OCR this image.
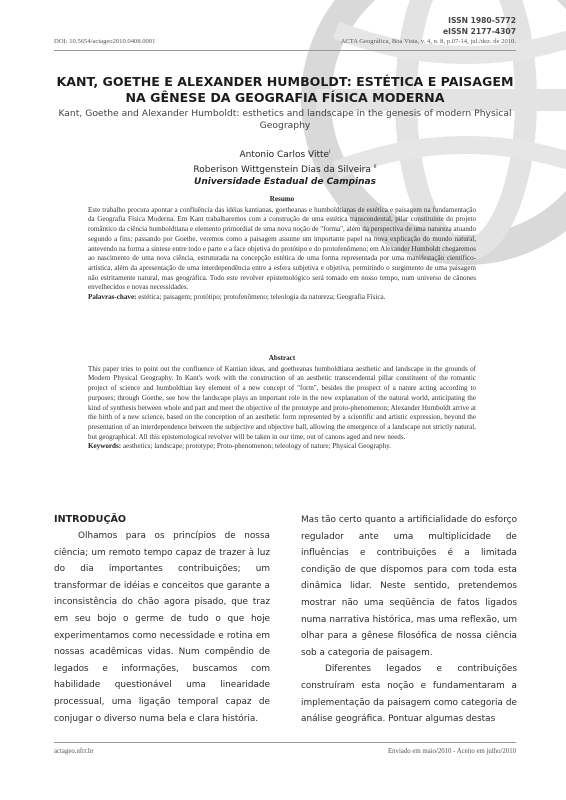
ISSN 1980-5772
eISSN 2177-4307
DOI: 10.5654/actageo2010.0408.0001	ACTA Geográfica, Boa Vista, v. 4, n. 8, p.07-14, jul./dez. de 2010.
KANT, GOETHE E ALEXANDER HUMBOLDT: ESTÉTICA E PAISAGEM NA GÊNESE DA GEOGRAFIA FÍSICA MODERNA
Kant, Goethe and Alexander Humboldt: esthetics and landscape in the genesis of modern Physical Geography
Antonio Carlos Vitte$^i$
Roberison Wittgenstein Dias da Silveira $^{ii}$
Universidade Estadual de Campinas
Resumo
Este trabalho procura apontar a confluência das idéias kantianas, goetheanas e humboldtianas de estética e paisagem na fundamentação da Geografia Física Moderna. Em Kant trabalharemos com a construção de uma estética transcendental, pilar constituinte do projeto romântico da ciência humboldtiana e elemento primordial de uma nova noção de "forma", além da perspectiva de uma natureza atuando segundo a fins; passando por Goethe, veremos como a paisagem assume um importante papel na nova explicação do mundo natural, antevendo na forma a síntese entre todo e parte e a face objetiva do protótipo e do protofenômeno; em Alexander Humboldt chegaremos ao nascimento de uma nova ciência, estruturada na concepção estética de uma forma representada por uma manifestação científico-artística, além da apresentação de uma interdependência entre a esfera subjetiva e objetiva, permitindo o surgimento de uma paisagem não estritamente natural, mas geográfica. Todo este revolver epistemológico será tomado em nosso tempo, num universo de cânones envelhecidos e novas necessidades.
Palavras-chave: estética; paisagem; protótipo; protofenômeno; teleologia da natureza; Geografia Física.
Abstract
This paper tries to point out the confluence of Kantian ideas, and goetheanas humboldtiana aesthetic and landscape in the grounds of Modern Physical Geography. In Kant's work with the construction of an aesthetic transcendental pillar constituent of the romantic project of science and humboldtian key element of a new concept of "form", besides the prospect of a nature acting according to purposes; through Goethe, see how the landscape plays an important role in the new explanation of the natural world, anticipating the kind of synthesis between whole and part and meet the objective of the prototype and proto-phenomenon; Alexander Humboldt arrive at the birth of a new science, based on the conception of an aesthetic form represented by a scientific and artistic expression, beyond the presentation of an interdependence between the subjective and objective ball, allowing the emergence of a landscape not strictly natural, but geographical. All this epistemological revolver will be taken in our time, out of canons aged and new needs.
Keywords: aesthetics; landscape; prototype; Proto-phenomenon; teleology of nature; Physical Geography.
INTRODUÇÃO
Olhamos para os princípios de nossa ciência; um remoto tempo capaz de trazer à luz do dia importantes contribuições; um transformar de idéias e conceitos que garante a inconsistência do chão agora pisado, que traz em seu bojo o germe de tudo o que hoje experimentamos como necessidade e rotina em nossas acadêmicas vidas. Num compêndio de legados e informações, buscamos com habilidade questionável uma linearidade processual, uma ligação temporal capaz de conjugar o diverso numa bela e clara história.
Mas tão certo quanto a artificialidade do esforço regulador ante uma multiplicidade de influências e contribuições é a limitada condição de que dispomos para com toda esta dinâmica lidar. Neste sentido, pretendemos mostrar não uma seqüência de fatos ligados numa narrativa histórica, mas uma reflexão, um olhar para a gênese filosófica de nossa ciência sob a categoria de paisagem.
Diferentes legados e contribuições construíram esta noção e fundamentaram a implementação da paisagem como categoria de análise geográfica. Pontuar algumas destas
actageo.ufrr.br	Enviado em maio/2010 - Aceito em julho/2010
